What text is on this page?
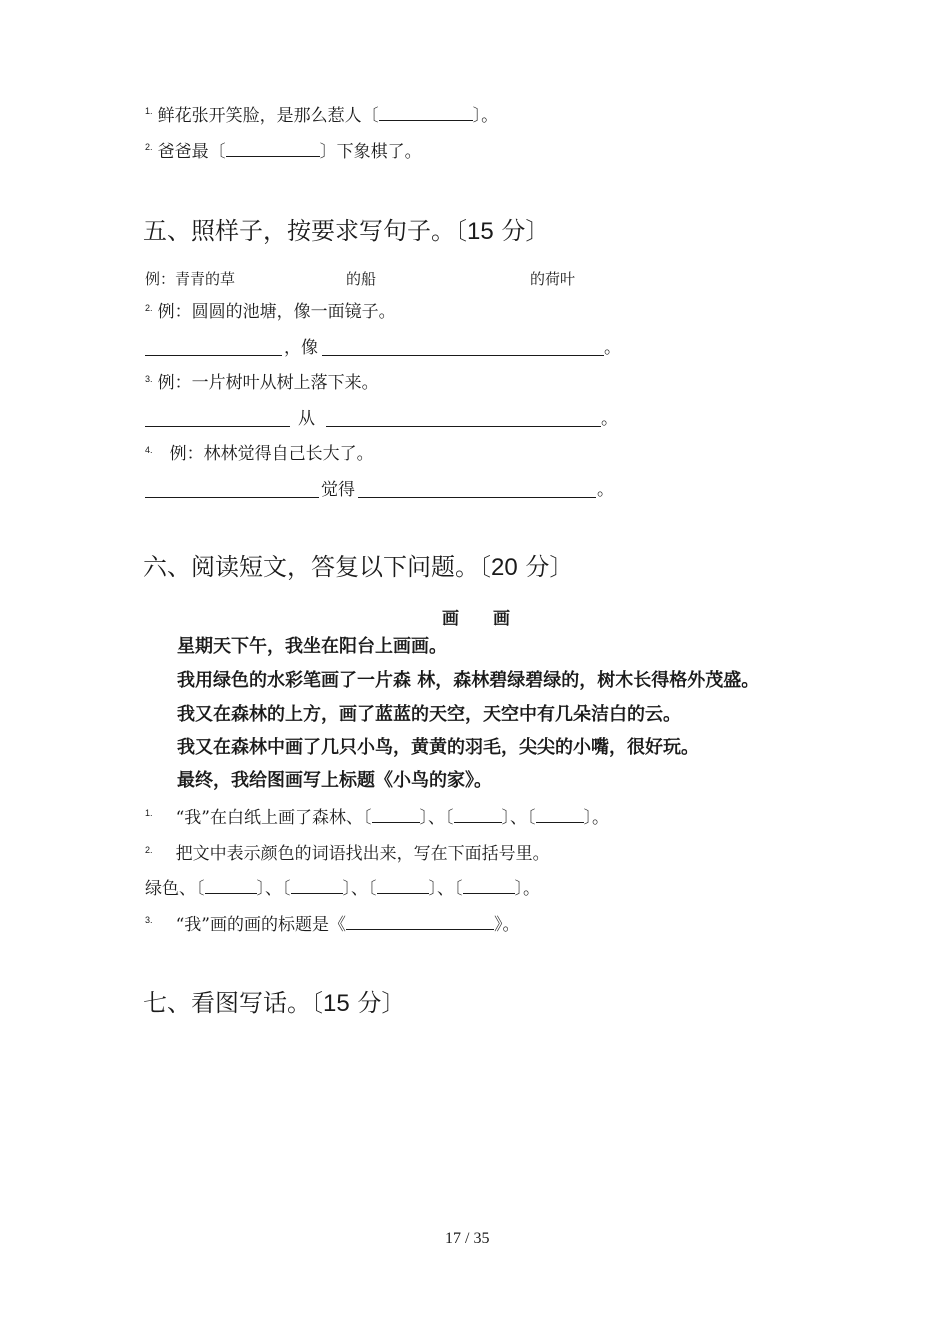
$^{1.}$ 鲜花张开笑脸，是那么惹人〔	〕。
$^{2.}$ 爸爸最〔	〕下象棋了。
五、照样子，按要求写句子。〔15 分〕
例：青青的草	的船	的荷叶
$^{2.}$ 例：圆圆的池塘，像一面镜子。
，像	。
$^{3.}$ 例：一片树叶从树上落下来。
从	。
$^{4.}$ 例：林林觉得自己长大了。
觉得	。
六、阅读短文，答复以下问题。〔20 分〕
画　　画
星期天下午，我坐在阳台上画画。
我用绿色的水彩笔画了一片森 林，森林碧绿碧绿的，树木长得格外茂盛。
我又在森林的上方，画了蓝蓝的天空，天空中有几朵洁白的云。
我又在森林中画了几只小鸟，黄黄的羽毛，尖尖的小嘴，很好玩。
最终，我给图画写上标题《小鸟的家》。
$^{1.}$ “我”在白纸上画了森林、〔	〕、〔	〕、〔	〕。
$^{2.}$ 把文中表示颜色的词语找出来，写在下面括号里。
绿色、〔	〕、〔	〕、〔	〕、〔	〕。
$^{3.}$ “我”画的画的标题是《	》。
七、看图写话。〔15 分〕
17 / 35
